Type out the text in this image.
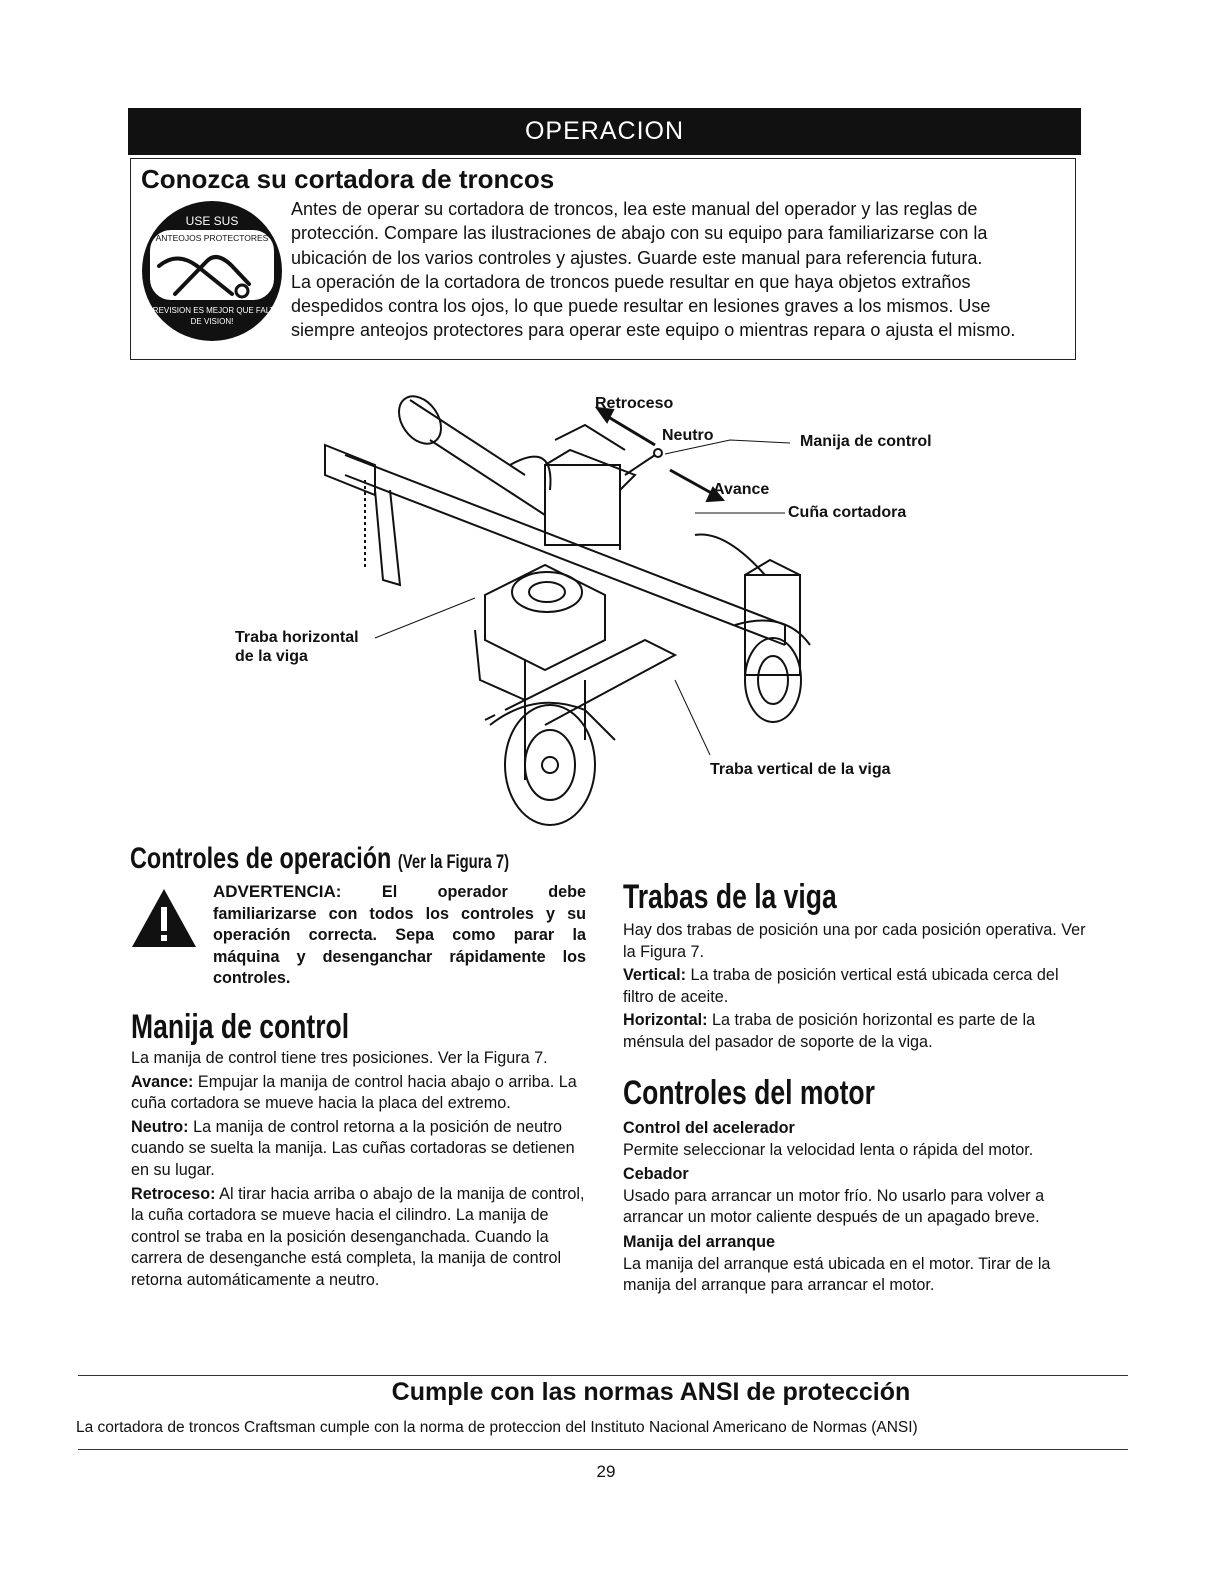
OPERACION
Conozca su cortadora de troncos
USE SUS
ANTEOJOS PROTECTORES
¡PREVISION ES MEJOR QUE FALTA
DE VISION!

Antes de operar su cortadora de troncos, lea este manual del operador y las reglas de

protección. Compare las ilustraciones de abajo con su equipo para familiarizarse con la

ubicación de los varios controles y ajustes. Guarde este manual para referencia futura.

La operación de la cortadora de troncos puede resultar en que haya objetos extraños

despedidos contra los ojos, lo que puede resultar en lesiones graves a los mismos. Use

siempre anteojos protectores para operar este equipo o mientras repara o ajusta el mismo.

Retroceso
Neutro	Manija de control
Avance
Cuña cortadora
Traba horizontal
de la viga
Traba vertical de la viga
Controles de operación (Ver la Figura 7)
ADVERTENCIA: El operador debe familiarizarse con todos los controles y su operación correcta. Sepa como parar la máquina y desenganchar rápidamente los controles.
Manija de control

La manija de control tiene tres posiciones. Ver la Figura 7.

Avance: Empujar la manija de control hacia abajo o arriba. La cuña cortadora se mueve hacia la placa del extremo.

Neutro: La manija de control retorna a la posición de neutro cuando se suelta la manija. Las cuñas cortadoras se detienen en su lugar.

Retroceso: Al tirar hacia arriba o abajo de la manija de control, la cuña cortadora se mueve hacia el cilindro. La manija de control se traba en la posición desenganchada. Cuando la carrera de desenganche está completa, la manija de control retorna automáticamente a neutro.

Trabas de la viga

Hay dos trabas de posición una por cada posición operativa. Ver la Figura 7.

Vertical: La traba de posición vertical está ubicada cerca del filtro de aceite.

Horizontal: La traba de posición horizontal es parte de la ménsula del pasador de soporte de la viga.

Controles del motor

Control del acelerador

Permite seleccionar la velocidad lenta o rápida del motor.

Cebador

Usado para arrancar un motor frío. No usarlo para volver a arrancar un motor caliente después de un apagado breve.

Manija del arranque

La manija del arranque está ubicada en el motor. Tirar de la manija del arranque para arrancar el motor.

Cumple con las normas ANSI de protección
La cortadora de troncos Craftsman cumple con la norma de proteccion del Instituto Nacional Americano de Normas (ANSI)
29
